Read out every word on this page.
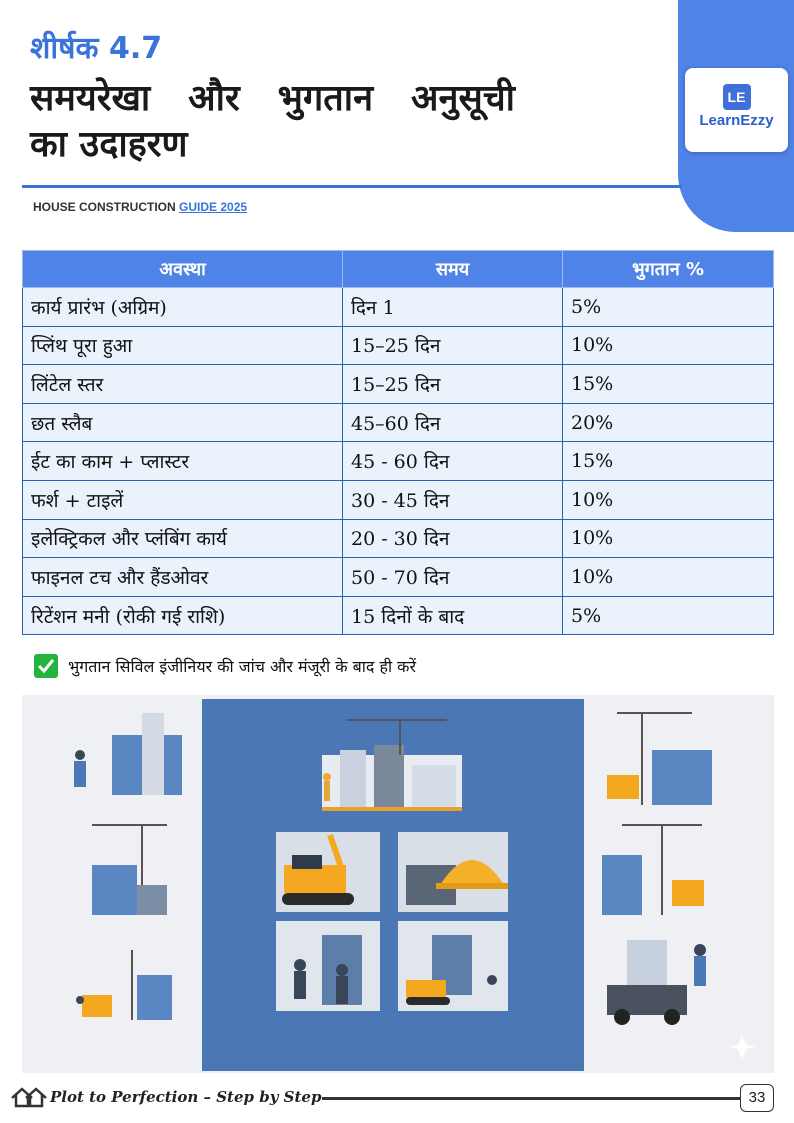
LE
LearnEzzy
शीर्षक 4.7
समयरेखा और भुगतान अनुसूची
का उदाहरण
HOUSE CONSTRUCTION GUIDE 2025
अवस्था	समय	भुगतान %
कार्य प्रारंभ (अग्रिम)	दिन 1	5%
प्लिंथ पूरा हुआ	15–25 दिन	10%
लिंटेल स्तर	15–25 दिन	15%
छत स्लैब	45–60 दिन	20%
ईट का काम + प्लास्टर	45 - 60 दिन	15%
फर्श + टाइलें	30 - 45 दिन	10%
इलेक्ट्रिकल और प्लंबिंग कार्य	20 - 30 दिन	10%
फाइनल टच और हैंडओवर	50 - 70 दिन	10%
रिटेंशन मनी (रोकी गई राशि)	15 दिनों के बाद	5%
भुगतान सिविल इंजीनियर की जांच और मंजूरी के बाद ही करें
Plot to Perfection – Step by Step	33
